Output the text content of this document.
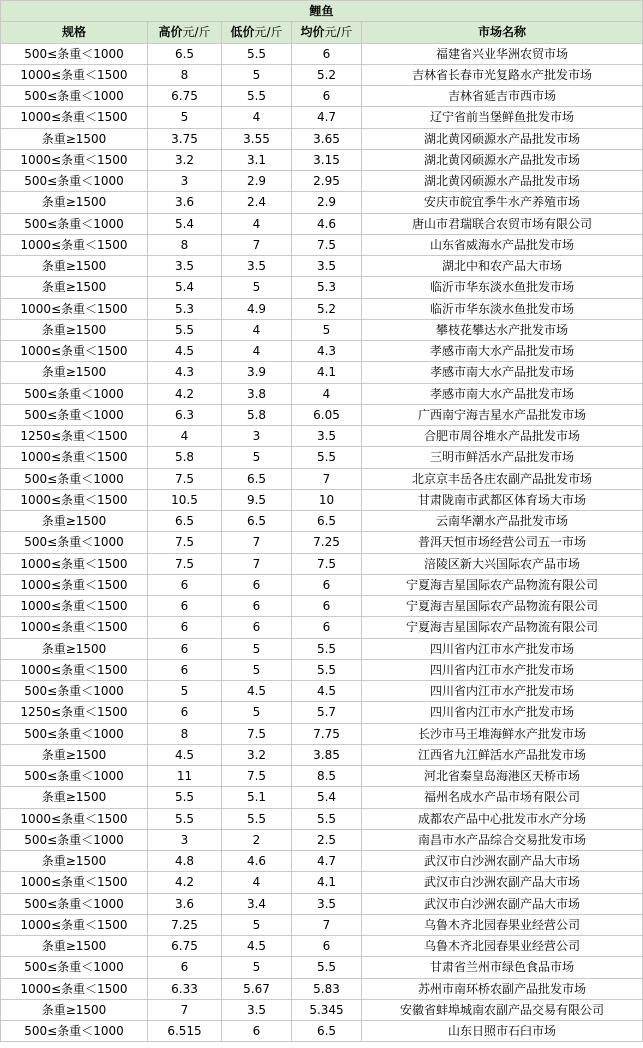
鲤鱼				
规格	高价元/斤	低价元/斤	均价元/斤	市场名称
500≤条重＜1000	6.5	5.5	6	福建省兴业华洲农贸市场
1000≤条重＜1500	8	5	5.2	吉林省长春市光复路水产批发市场
500≤条重＜1000	6.75	5.5	6	吉林省延吉市西市场
1000≤条重＜1500	5	4	4.7	辽宁省前当堡鲜鱼批发市场
条重≥1500	3.75	3.55	3.65	湖北黄冈硕源水产品批发市场
1000≤条重＜1500	3.2	3.1	3.15	湖北黄冈硕源水产品批发市场
500≤条重＜1000	3	2.9	2.95	湖北黄冈硕源水产品批发市场
条重≥1500	3.6	2.4	2.9	安庆市皖宜季牛水产养殖市场
500≤条重＜1000	5.4	4	4.6	唐山市君瑞联合农贸市场有限公司
1000≤条重＜1500	8	7	7.5	山东省威海水产品批发市场
条重≥1500	3.5	3.5	3.5	湖北中和农产品大市场
条重≥1500	5.4	5	5.3	临沂市华东淡水鱼批发市场
1000≤条重＜1500	5.3	4.9	5.2	临沂市华东淡水鱼批发市场
条重≥1500	5.5	4	5	攀枝花攀达水产批发市场
1000≤条重＜1500	4.5	4	4.3	孝感市南大水产品批发市场
条重≥1500	4.3	3.9	4.1	孝感市南大水产品批发市场
500≤条重＜1000	4.2	3.8	4	孝感市南大水产品批发市场
500≤条重＜1000	6.3	5.8	6.05	广西南宁海吉星水产品批发市场
1250≤条重＜1500	4	3	3.5	合肥市周谷堆水产品批发市场
1000≤条重＜1500	5.8	5	5.5	三明市鲜活水产品批发市场
500≤条重＜1000	7.5	6.5	7	北京京丰岳各庄农副产品批发市场
1000≤条重＜1500	10.5	9.5	10	甘肃陇南市武都区体育场大市场
条重≥1500	6.5	6.5	6.5	云南华潮水产品批发市场
500≤条重＜1000	7.5	7	7.25	普洱天恒市场经营公司五一市场
1000≤条重＜1500	7.5	7	7.5	涪陵区新大兴国际农产品市场
1000≤条重＜1500	6	6	6	宁夏海吉星国际农产品物流有限公司
1000≤条重＜1500	6	6	6	宁夏海吉星国际农产品物流有限公司
1000≤条重＜1500	6	6	6	宁夏海吉星国际农产品物流有限公司
条重≥1500	6	5	5.5	四川省内江市水产批发市场
1000≤条重＜1500	6	5	5.5	四川省内江市水产批发市场
500≤条重＜1000	5	4.5	4.5	四川省内江市水产批发市场
1250≤条重＜1500	6	5	5.7	四川省内江市水产批发市场
500≤条重＜1000	8	7.5	7.75	长沙市马王堆海鲜水产批发市场
条重≥1500	4.5	3.2	3.85	江西省九江鲜活水产品批发市场
500≤条重＜1000	11	7.5	8.5	河北省秦皇岛海港区天桥市场
条重≥1500	5.5	5.1	5.4	福州名成水产品市场有限公司
1000≤条重＜1500	5.5	5.5	5.5	成都农产品中心批发市水产分场
500≤条重＜1000	3	2	2.5	南昌市水产品综合交易批发市场
条重≥1500	4.8	4.6	4.7	武汉市白沙洲农副产品大市场
1000≤条重＜1500	4.2	4	4.1	武汉市白沙洲农副产品大市场
500≤条重＜1000	3.6	3.4	3.5	武汉市白沙洲农副产品大市场
1000≤条重＜1500	7.25	5	7	乌鲁木齐北园春果业经营公司
条重≥1500	6.75	4.5	6	乌鲁木齐北园春果业经营公司
500≤条重＜1000	6	5	5.5	甘肃省兰州市绿色食品市场
1000≤条重＜1500	6.33	5.67	5.83	苏州市南环桥农副产品批发市场
条重≥1500	7	3.5	5.345	安徽省蚌埠城南农副产品交易有限公司
500≤条重＜1000	6.515	6	6.5	山东日照市石臼市场
